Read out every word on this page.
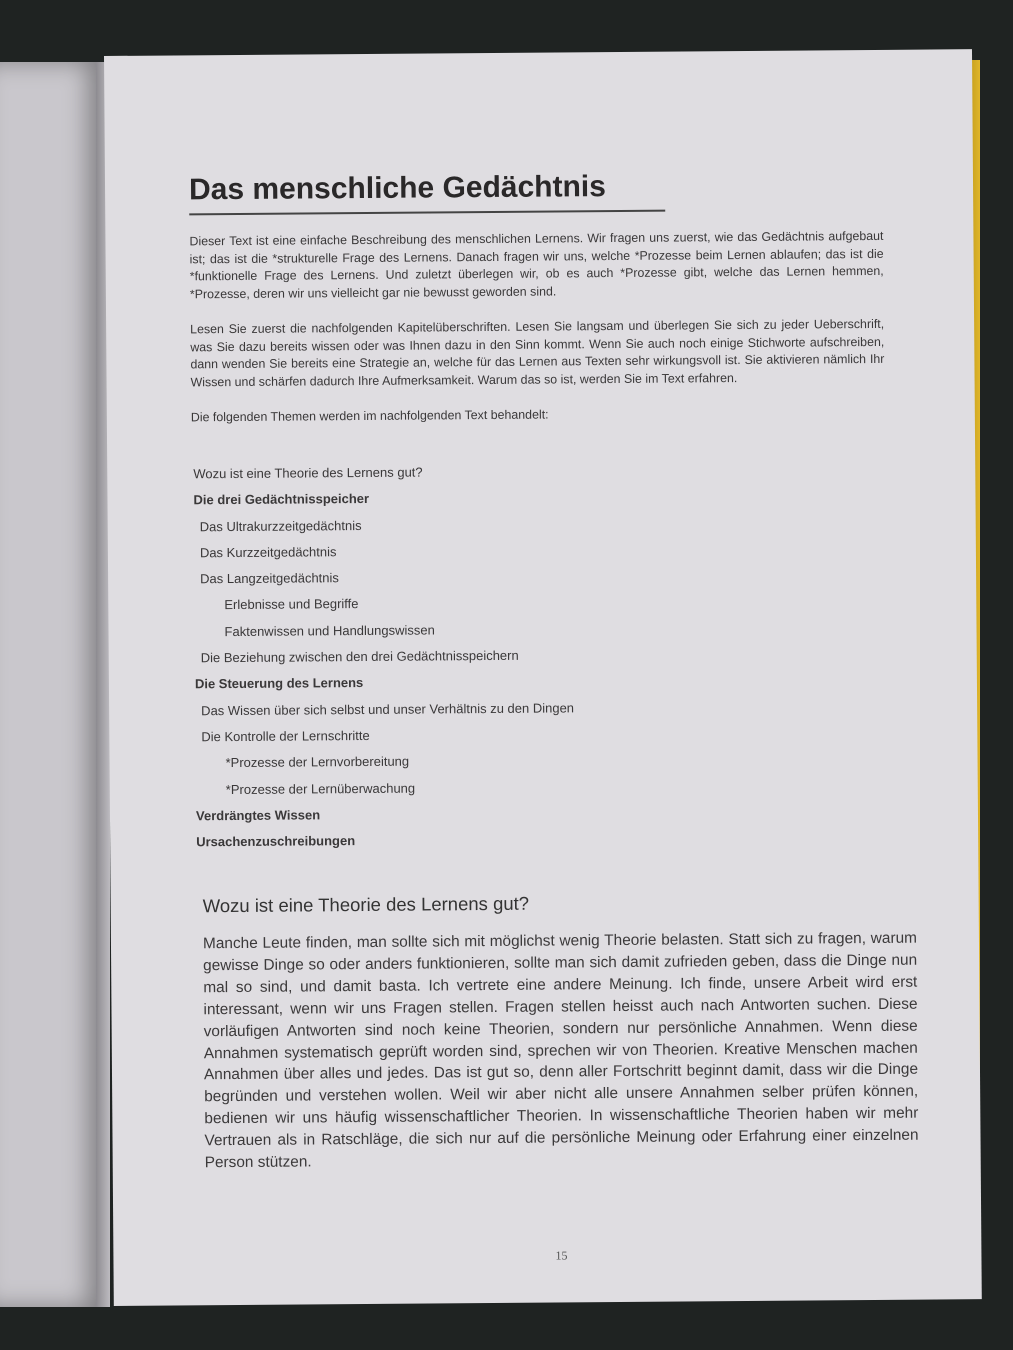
Das menschliche Gedächtnis

Dieser Text ist eine einfache Beschreibung des menschlichen Lernens. Wir fragen uns zuerst, wie das Gedächtnis aufgebaut ist; das ist die *strukturelle Frage des Lernens. Danach fragen wir uns, welche *Prozesse beim Lernen ablaufen; das ist die *funktionelle Frage des Lernens. Und zuletzt überlegen wir, ob es auch *Prozesse gibt, welche das Lernen hemmen, *Prozesse, deren wir uns vielleicht gar nie bewusst geworden sind.

Lesen Sie zuerst die nachfolgenden Kapitelüberschriften. Lesen Sie langsam und überlegen Sie sich zu jeder Ueberschrift, was Sie dazu bereits wissen oder was Ihnen dazu in den Sinn kommt. Wenn Sie auch noch einige Stichworte aufschreiben, dann wenden Sie bereits eine Strategie an, welche für das Lernen aus Texten sehr wirkungsvoll ist. Sie aktivieren nämlich Ihr Wissen und schärfen dadurch Ihre Aufmerksamkeit. Warum das so ist, werden Sie im Text erfahren.

Die folgenden Themen werden im nachfolgenden Text behandelt:

Wozu ist eine Theorie des Lernens gut?
Die drei Gedächtnisspeicher
Das Ultrakurzzeitgedächtnis
Das Kurzzeitgedächtnis
Das Langzeitgedächtnis
Erlebnisse und Begriffe
Faktenwissen und Handlungswissen
Die Beziehung zwischen den drei Gedächtnisspeichern
Die Steuerung des Lernens
Das Wissen über sich selbst und unser Verhältnis zu den Dingen
Die Kontrolle der Lernschritte
*Prozesse der Lernvorbereitung
*Prozesse der Lernüberwachung
Verdrängtes Wissen
Ursachenzuschreibungen
Wozu ist eine Theorie des Lernens gut?
Manche Leute finden, man sollte sich mit möglichst wenig Theorie belasten. Statt sich zu fragen, warum gewisse Dinge so oder anders funktionieren, sollte man sich damit zufrieden geben, dass die Dinge nun mal so sind, und damit basta. Ich vertrete eine andere Meinung. Ich finde, unsere Arbeit wird erst interessant, wenn wir uns Fragen stellen. Fragen stellen heisst auch nach Antworten suchen. Diese vorläufigen Antworten sind noch keine Theorien, sondern nur persönliche Annahmen. Wenn diese Annahmen systematisch geprüft worden sind, sprechen wir von Theorien. Kreative Menschen machen Annahmen über alles und jedes. Das ist gut so, denn aller Fortschritt beginnt damit, dass wir die Dinge begründen und verstehen wollen. Weil wir aber nicht alle unsere Annahmen selber prüfen können, bedienen wir uns häufig wissenschaftlicher Theorien. In wissenschaftliche Theorien haben wir mehr Vertrauen als in Ratschläge, die sich nur auf die persönliche Meinung oder Erfahrung einer einzelnen Person stützen.
15
